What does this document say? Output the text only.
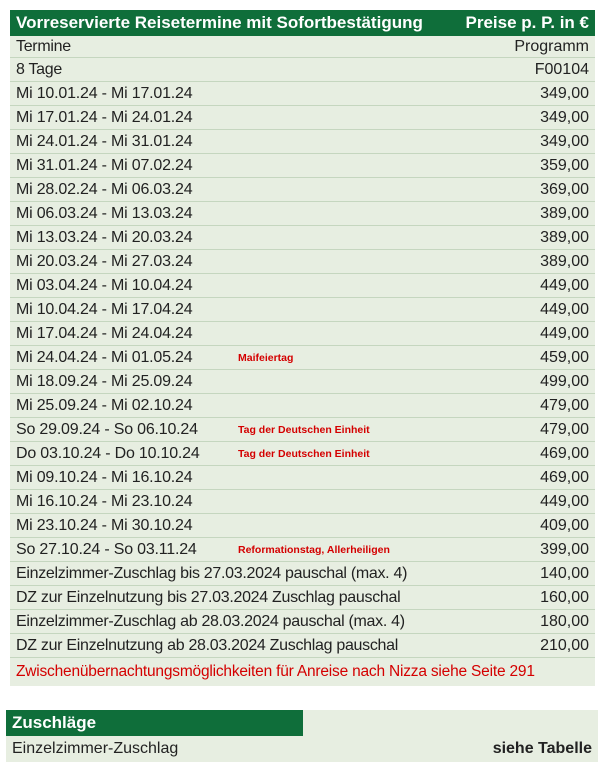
Vorreservierte Reisetermine mit Sofortbestätigung	Preise p. P. in €
Termine	Programm
8 Tage	F00104
Mi 10.01.24 - Mi 17.01.24	349,00
Mi 17.01.24 - Mi 24.01.24	349,00
Mi 24.01.24 - Mi 31.01.24	349,00
Mi 31.01.24 - Mi 07.02.24	359,00
Mi 28.02.24 - Mi 06.03.24	369,00
Mi 06.03.24 - Mi 13.03.24	389,00
Mi 13.03.24 - Mi 20.03.24	389,00
Mi 20.03.24 - Mi 27.03.24	389,00
Mi 03.04.24 - Mi 10.04.24	449,00
Mi 10.04.24 - Mi 17.04.24	449,00
Mi 17.04.24 - Mi 24.04.24	449,00
Mi 24.04.24 - Mi 01.05.24	Maifeiertag	459,00
Mi 18.09.24 - Mi 25.09.24	499,00
Mi 25.09.24 - Mi 02.10.24	479,00
So 29.09.24 - So 06.10.24	Tag der Deutschen Einheit	479,00
Do 03.10.24 - Do 10.10.24	Tag der Deutschen Einheit	469,00
Mi 09.10.24 - Mi 16.10.24	469,00
Mi 16.10.24 - Mi 23.10.24	449,00
Mi 23.10.24 - Mi 30.10.24	409,00
So 27.10.24 - So 03.11.24	Reformationstag, Allerheiligen	399,00
Einzelzimmer-Zuschlag bis 27.03.2024 pauschal (max. 4)	140,00
DZ zur Einzelnutzung bis 27.03.2024 Zuschlag pauschal	160,00
Einzelzimmer-Zuschlag ab 28.03.2024 pauschal (max. 4)	180,00
DZ zur Einzelnutzung ab 28.03.2024 Zuschlag pauschal	210,00
Zwischenübernachtungsmöglichkeiten für Anreise nach Nizza siehe Seite 291
Zuschläge
Einzelzimmer-Zuschlag	siehe Tabelle
